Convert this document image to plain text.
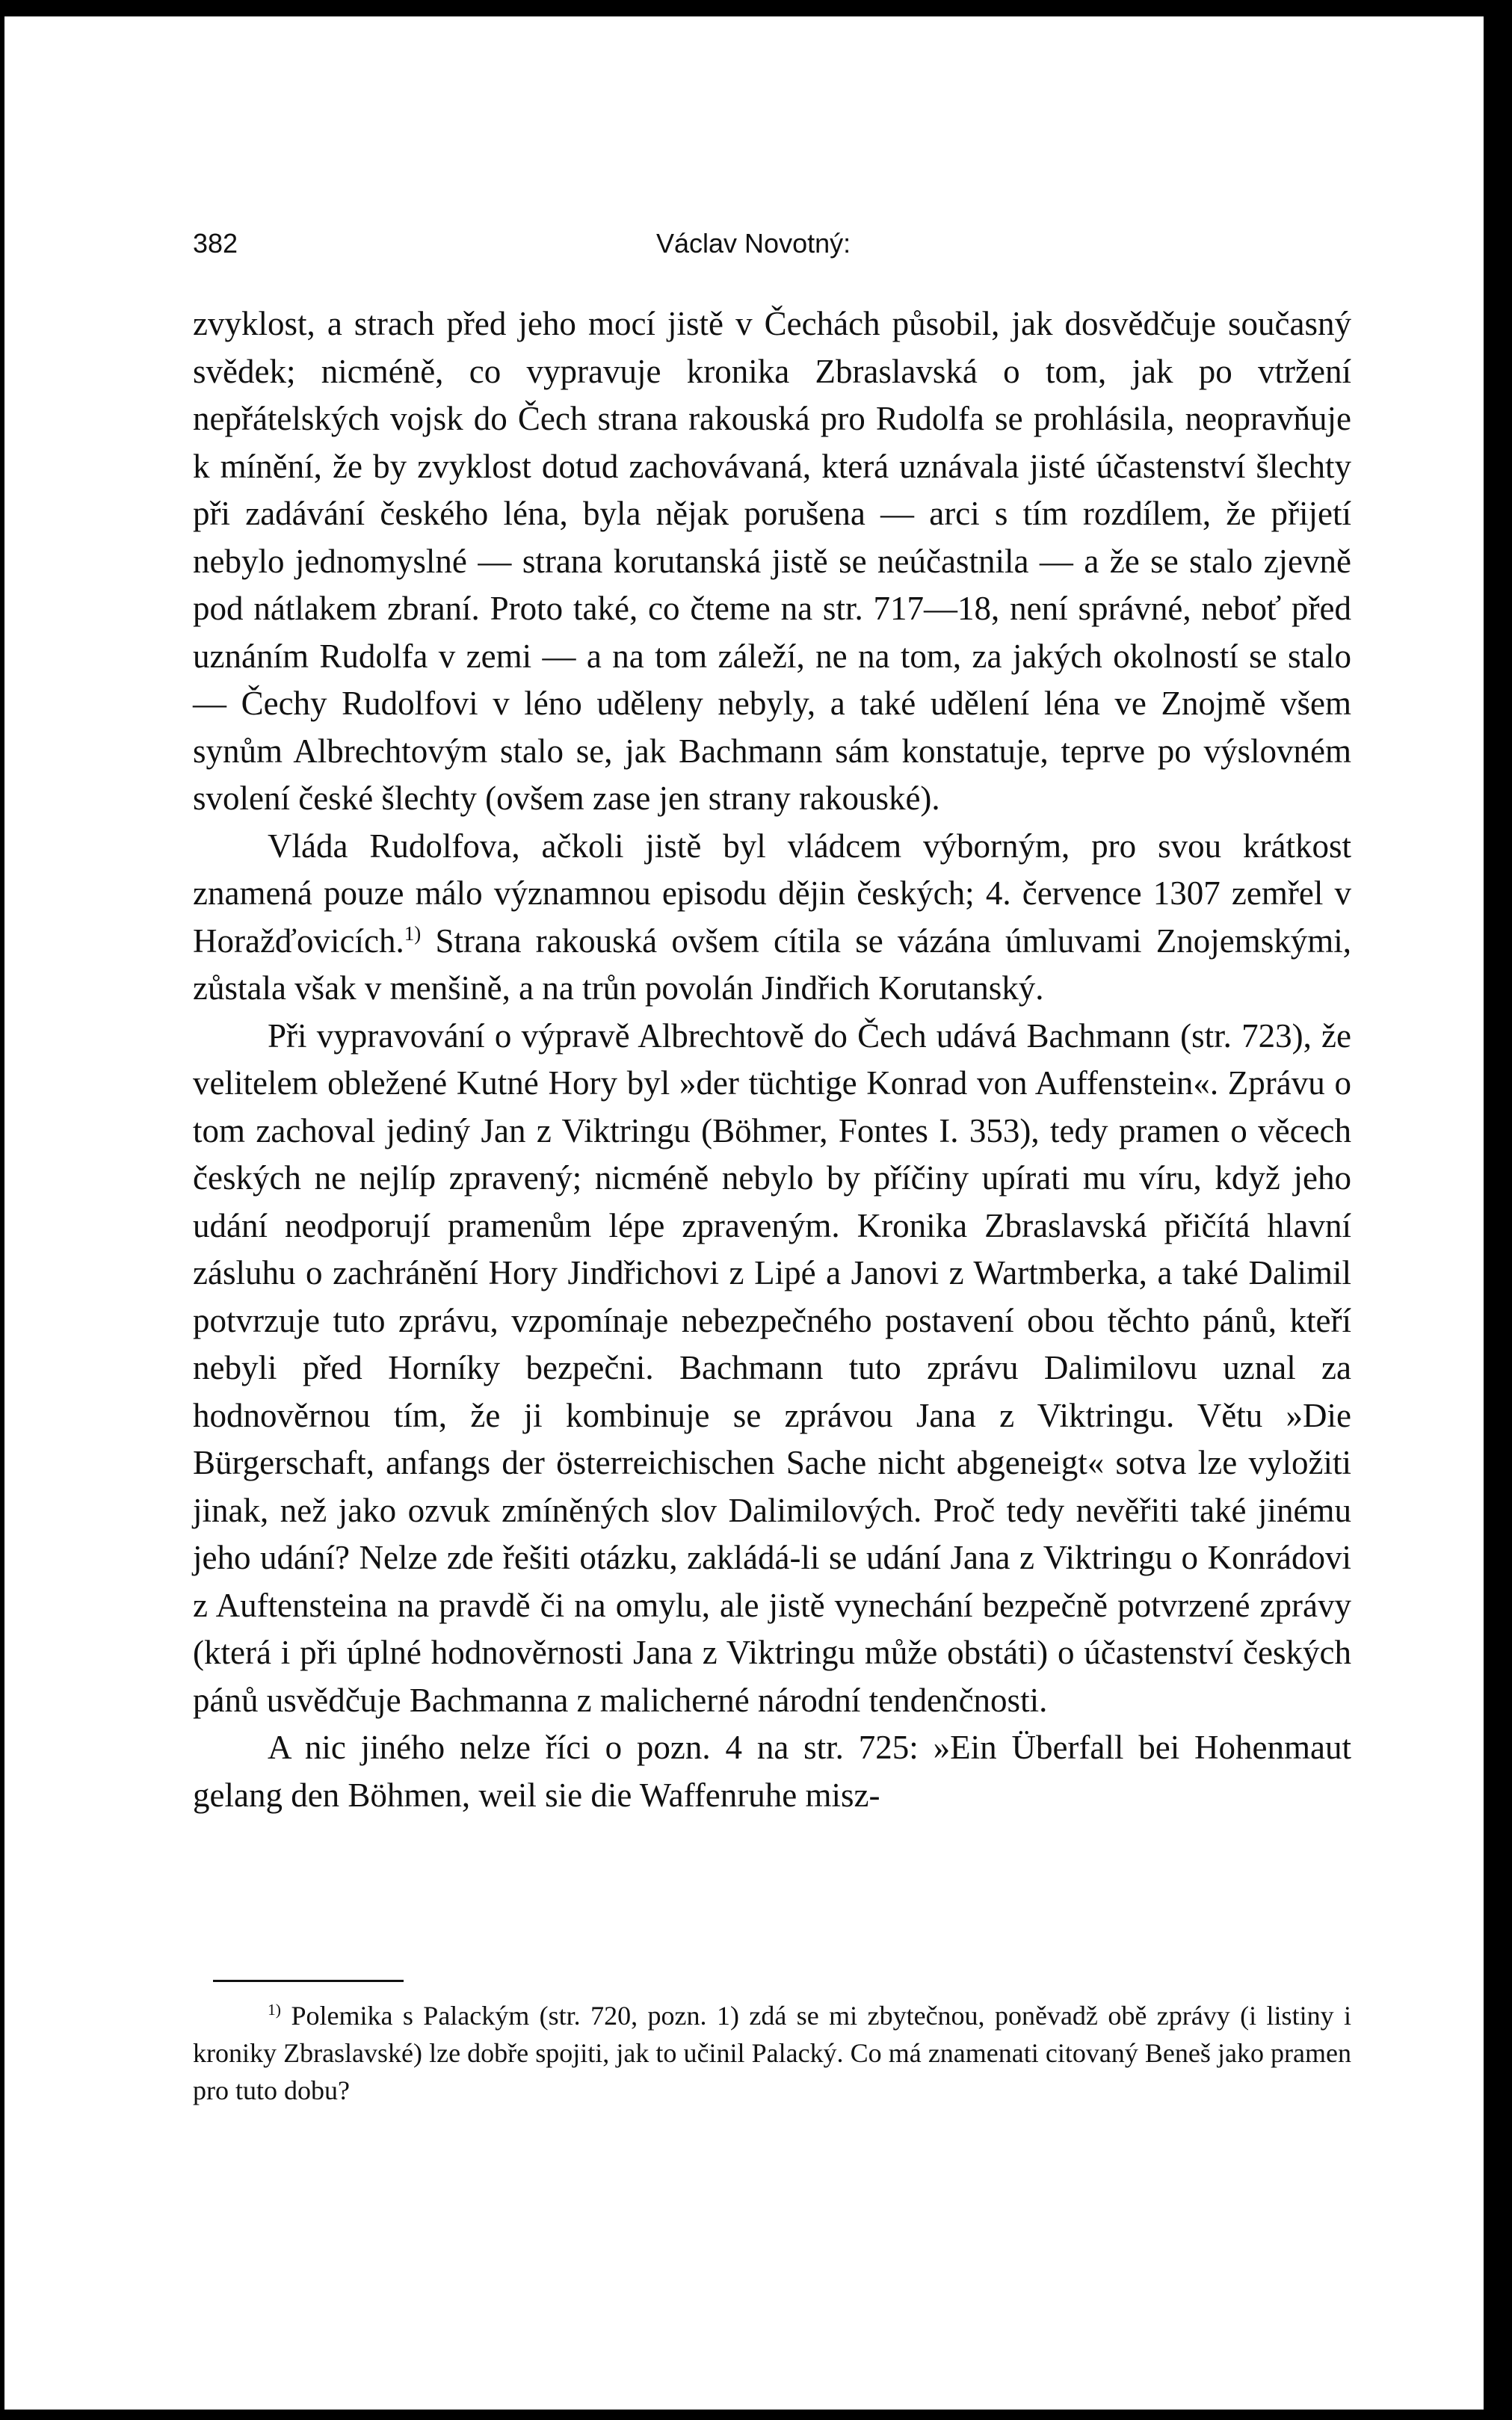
382	Václav Novotný:

zvyklost, a strach před jeho mocí jistě v Čechách působil, jak dosvědčuje současný svědek; nicméně, co vypravuje kronika Zbraslavská o tom, jak po vtržení nepřátelských vojsk do Čech strana rakouská pro Rudolfa se prohlásila, neopravňuje k mínění, že by zvyklost dotud zachovávaná, která uznávala jisté účastenství šlechty při zadávání českého léna, byla nějak porušena — arci s tím rozdílem, že přijetí nebylo jednomyslné — strana korutanská jistě se neúčastnila — a že se stalo zjevně pod nátlakem zbraní. Proto také, co čteme na str. 717—18, není správné, neboť před uznáním Rudolfa v zemi — a na tom záleží, ne na tom, za jakých okolností se stalo — Čechy Rudolfovi v léno uděleny nebyly, a také udělení léna ve Znojmě všem synům Albrechtovým stalo se, jak Bachmann sám konstatuje, teprve po výslovném svolení české šlechty (ovšem zase jen strany rakouské).

Vláda Rudolfova, ačkoli jistě byl vládcem výborným, pro svou krátkost znamená pouze málo významnou episodu dějin českých; 4. července 1307 zemřel v Horažďovicích.$^{1)}$ Strana rakouská ovšem cítila se vázána úmluvami Znojemskými, zůstala však v menšině, a na trůn povolán Jindřich Korutanský.

Při vypravování o výpravě Albrechtově do Čech udává Bachmann (str. 723), že velitelem obležené Kutné Hory byl »der tüchtige Konrad von Auffenstein«. Zprávu o tom zachoval jediný Jan z Viktringu (Böhmer, Fontes I. 353), tedy pramen o věcech českých ne nejlíp zpravený; nicméně nebylo by příčiny upírati mu víru, když jeho udání neodporují pramenům lépe zpraveným. Kronika Zbraslavská přičítá hlavní zásluhu o zachránění Hory Jindřichovi z Lipé a Janovi z Wartmberka, a také Dalimil potvrzuje tuto zprávu, vzpomínaje nebezpečného postavení obou těchto pánů, kteří nebyli před Horníky bezpečni. Bachmann tuto zprávu Dalimilovu uznal za hodnověrnou tím, že ji kombinuje se zprávou Jana z Viktringu. Větu »Die Bürgerschaft, anfangs der österreichischen Sache nicht abgeneigt« sotva lze vyložiti jinak, než jako ozvuk zmíněných slov Dalimilových. Proč tedy nevěřiti také jinému jeho udání? Nelze zde řešiti otázku, zakládá-li se udání Jana z Viktringu o Konrádovi z Auftensteina na pravdě či na omylu, ale jistě vynechání bezpečně potvrzené zprávy (která i při úplné hodnověrnosti Jana z Viktringu může obstáti) o účastenství českých pánů usvědčuje Bachmanna z malicherné národní tendenčnosti.

A nic jiného nelze říci o pozn. 4 na str. 725: »Ein Überfall bei Hohenmaut gelang den Böhmen, weil sie die Waffenruhe misz-

$^{1)}$ Polemika s Palackým (str. 720, pozn. 1) zdá se mi zbytečnou, poněvadž obě zprávy (i listiny i kroniky Zbraslavské) lze dobře spojiti, jak to učinil Palacký. Co má znamenati citovaný Beneš jako pramen pro tuto dobu?
